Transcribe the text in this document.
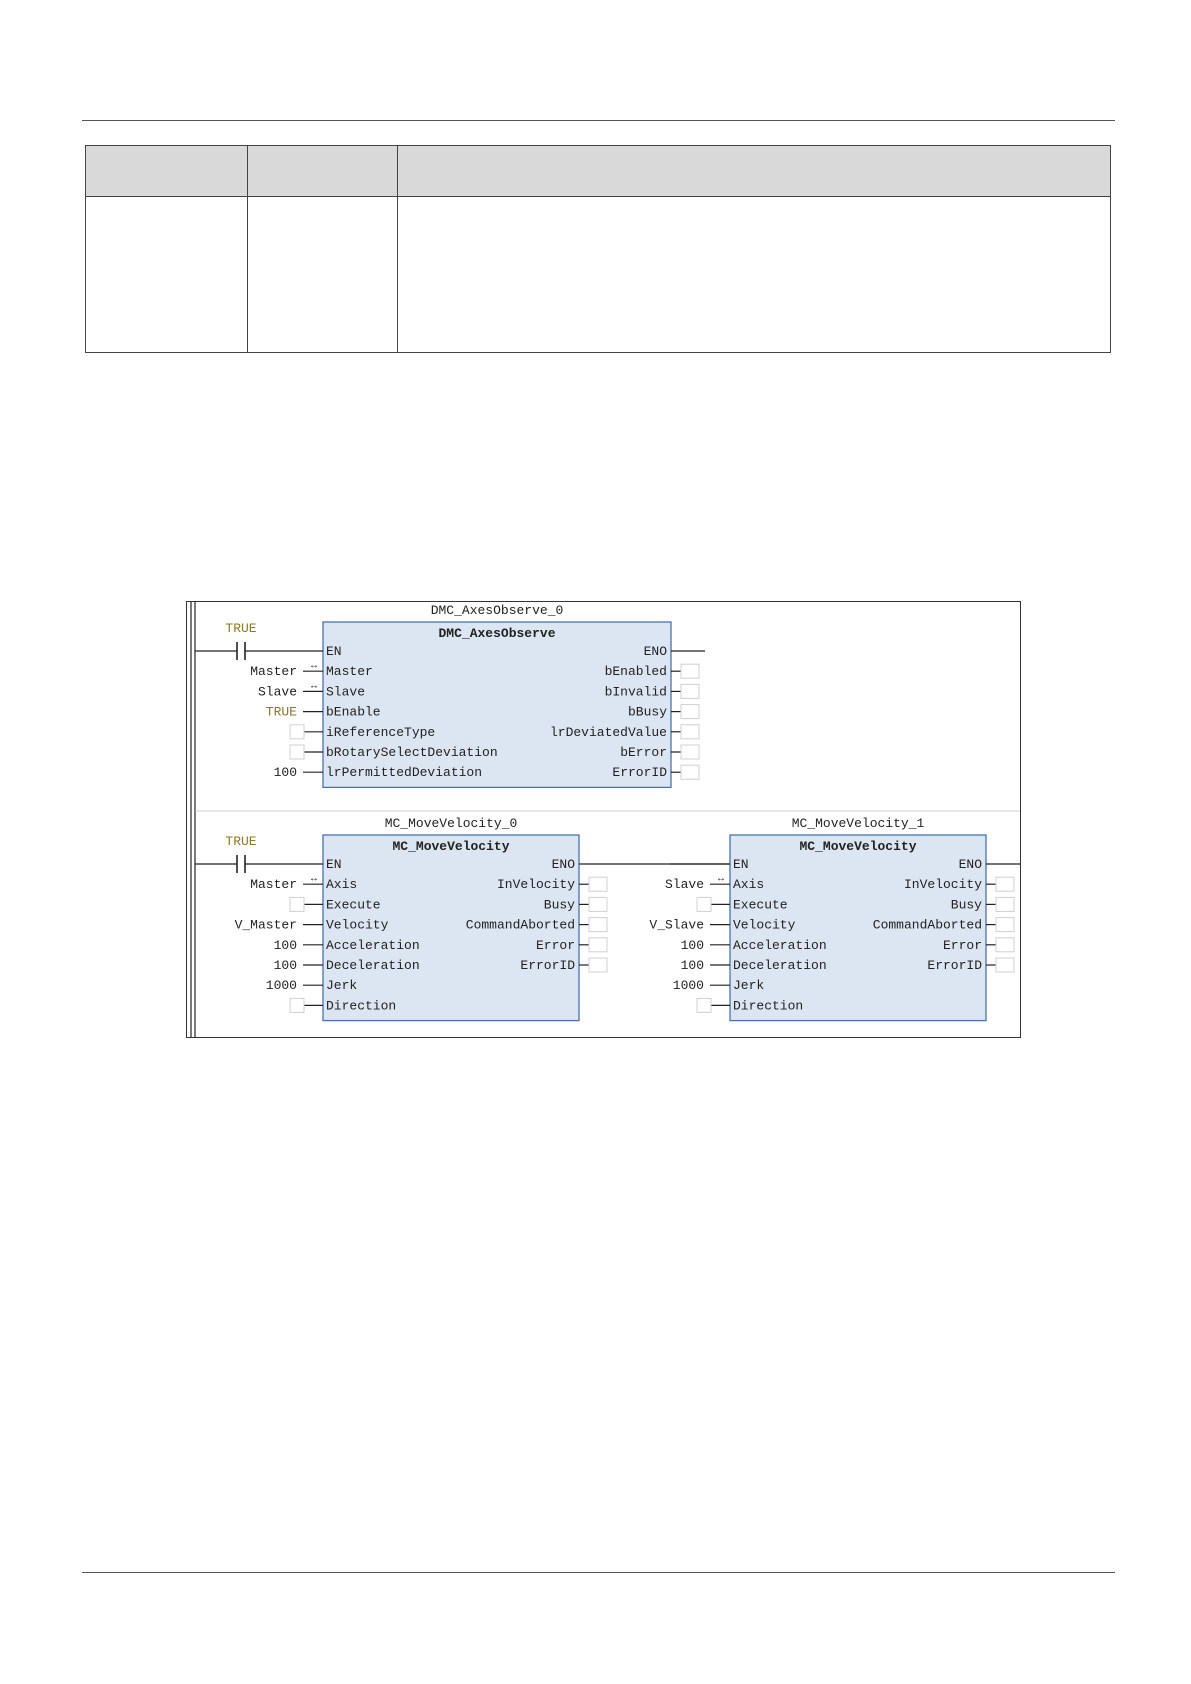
DMC_AxesObserve_0
DMC_AxesObserve
TRUE
EN
Master
Master ↔
Slave
Slave ↔
bEnable
TRUE
iReferenceType
bRotarySelectDeviation
lrPermittedDeviation
100
ENO
bEnabled
bInvalid
bBusy
lrDeviatedValue
bError
ErrorID
MC_MoveVelocity_0
MC_MoveVelocity
TRUE
EN
Axis
Master ↔
Execute
Velocity
V_Master
Acceleration
100
Deceleration
100
Jerk
1000
Direction
ENO
InVelocity
Busy
CommandAborted
Error
ErrorID
MC_MoveVelocity_1
MC_MoveVelocity
EN
Axis
Slave ↔
Execute
Velocity
V_Slave
Acceleration
100
Deceleration
100
Jerk
1000
Direction
ENO
InVelocity
Busy
CommandAborted
Error
ErrorID
